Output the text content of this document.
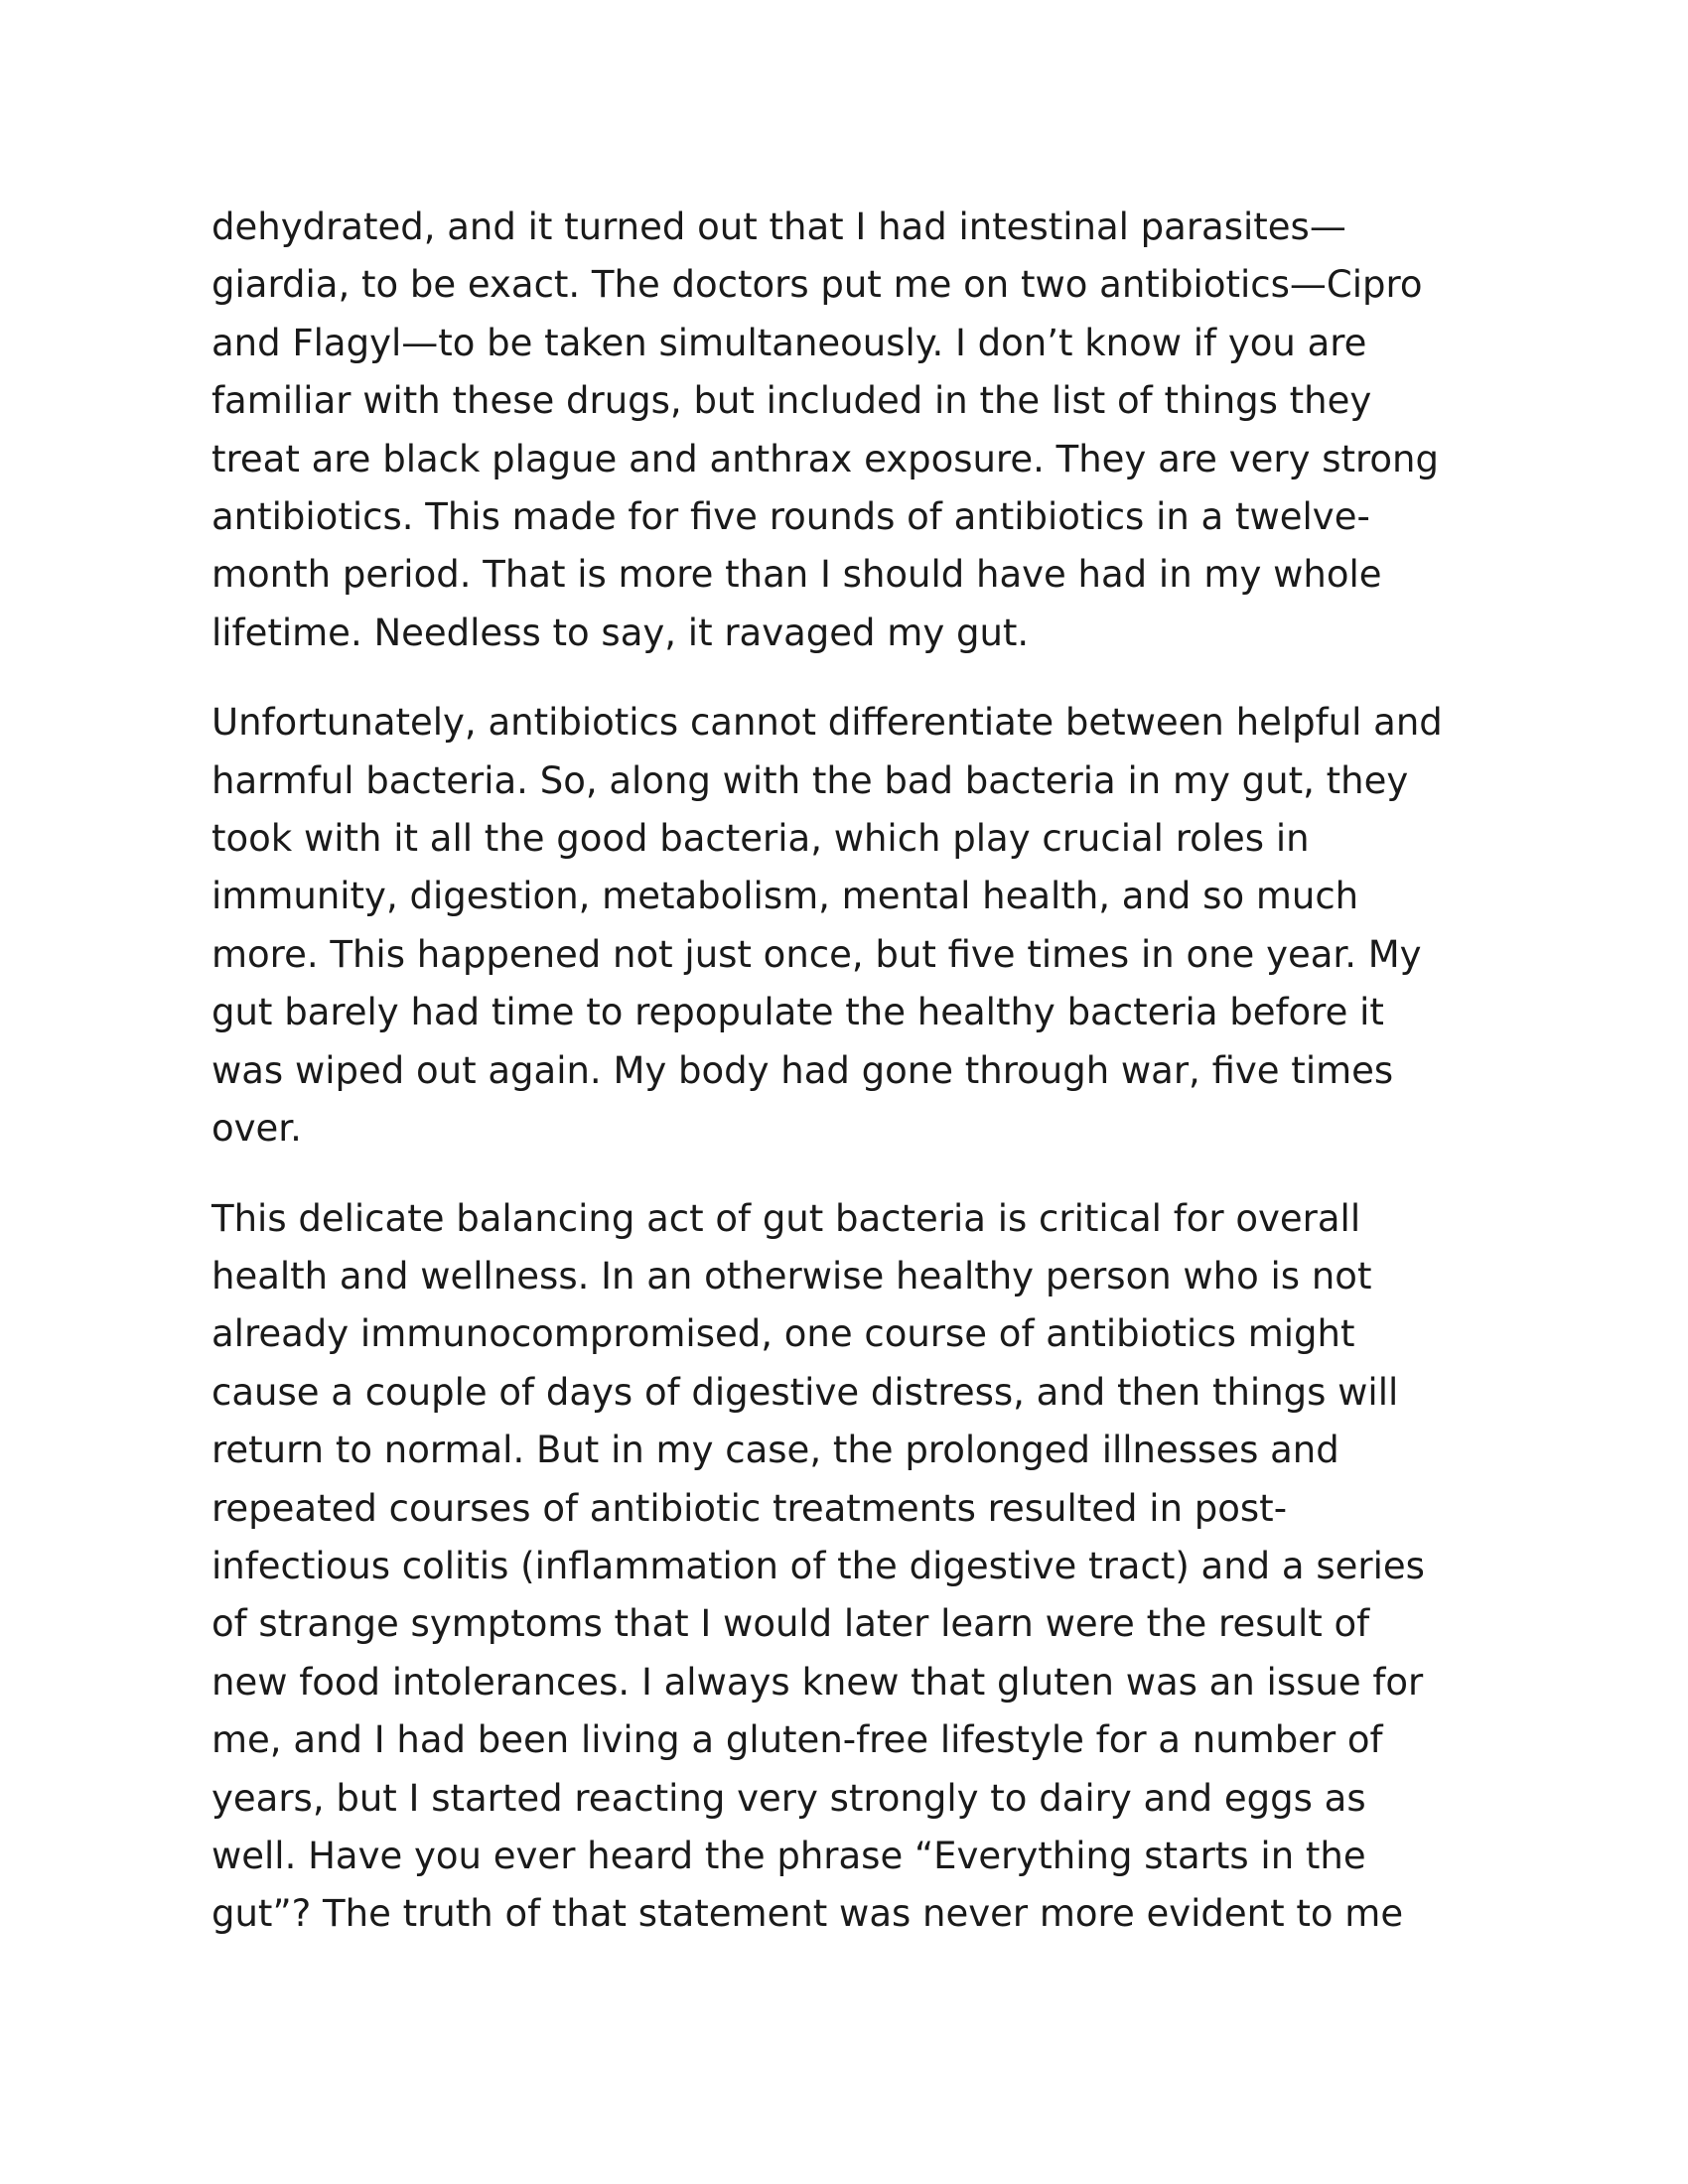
dehydrated, and it turned out that I had intestinal parasites—
giardia, to be exact. The doctors put me on two antibiotics—Cipro
and Flagyl—to be taken simultaneously. I don’t know if you are
familiar with these drugs, but included in the list of things they
treat are black plague and anthrax exposure. They are very strong
antibiotics. This made for five rounds of antibiotics in a twelve-
month period. That is more than I should have had in my whole
lifetime. Needless to say, it ravaged my gut.

Unfortunately, antibiotics cannot differentiate between helpful and
harmful bacteria. So, along with the bad bacteria in my gut, they
took with it all the good bacteria, which play crucial roles in
immunity, digestion, metabolism, mental health, and so much
more. This happened not just once, but five times in one year. My
gut barely had time to repopulate the healthy bacteria before it
was wiped out again. My body had gone through war, five times
over.

This delicate balancing act of gut bacteria is critical for overall
health and wellness. In an otherwise healthy person who is not
already immunocompromised, one course of antibiotics might
cause a couple of days of digestive distress, and then things will
return to normal. But in my case, the prolonged illnesses and
repeated courses of antibiotic treatments resulted in post-
infectious colitis (inflammation of the digestive tract) and a series
of strange symptoms that I would later learn were the result of
new food intolerances. I always knew that gluten was an issue for
me, and I had been living a gluten-free lifestyle for a number of
years, but I started reacting very strongly to dairy and eggs as
well. Have you ever heard the phrase “Everything starts in the
gut”? The truth of that statement was never more evident to me
